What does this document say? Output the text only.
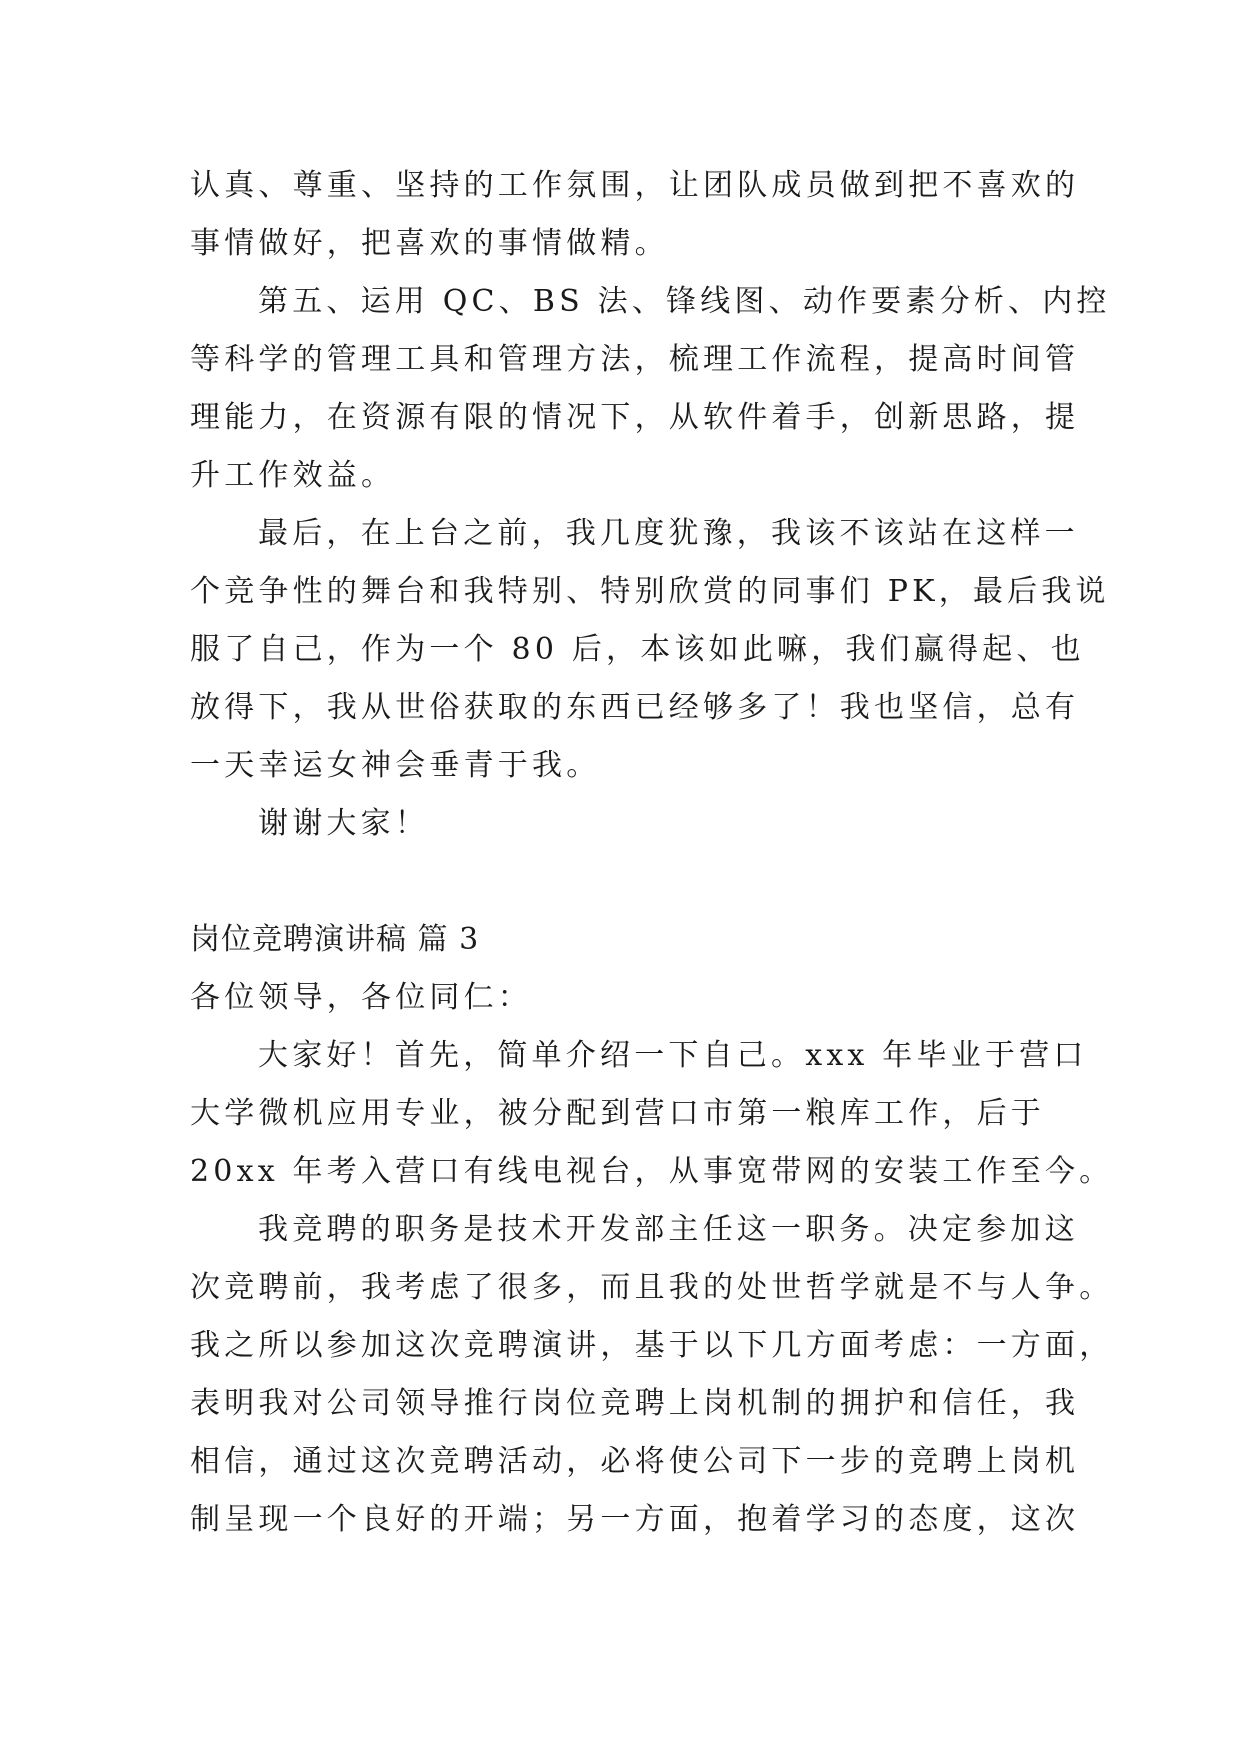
认真、尊重、坚持的工作氛围，让团队成员做到把不喜欢的
事情做好，把喜欢的事情做精。
第五、运用 QC、BS 法、锋线图、动作要素分析、内控
等科学的管理工具和管理方法，梳理工作流程，提高时间管
理能力，在资源有限的情况下，从软件着手，创新思路，提
升工作效益。
最后，在上台之前，我几度犹豫，我该不该站在这样一
个竞争性的舞台和我特别、特别欣赏的同事们 PK，最后我说
服了自己，作为一个 80 后，本该如此嘛，我们赢得起、也
放得下，我从世俗获取的东西已经够多了！我也坚信，总有
一天幸运女神会垂青于我。
谢谢大家！
岗位竞聘演讲稿 篇 3
各位领导，各位同仁：
大家好！首先，简单介绍一下自己。xxx 年毕业于营口
大学微机应用专业，被分配到营口市第一粮库工作，后于
20xx 年考入营口有线电视台，从事宽带网的安装工作至今。
我竞聘的职务是技术开发部主任这一职务。决定参加这
次竞聘前，我考虑了很多，而且我的处世哲学就是不与人争。
我之所以参加这次竞聘演讲，基于以下几方面考虑：一方面，
表明我对公司领导推行岗位竞聘上岗机制的拥护和信任，我
相信，通过这次竞聘活动，必将使公司下一步的竞聘上岗机
制呈现一个良好的开端；另一方面，抱着学习的态度，这次
